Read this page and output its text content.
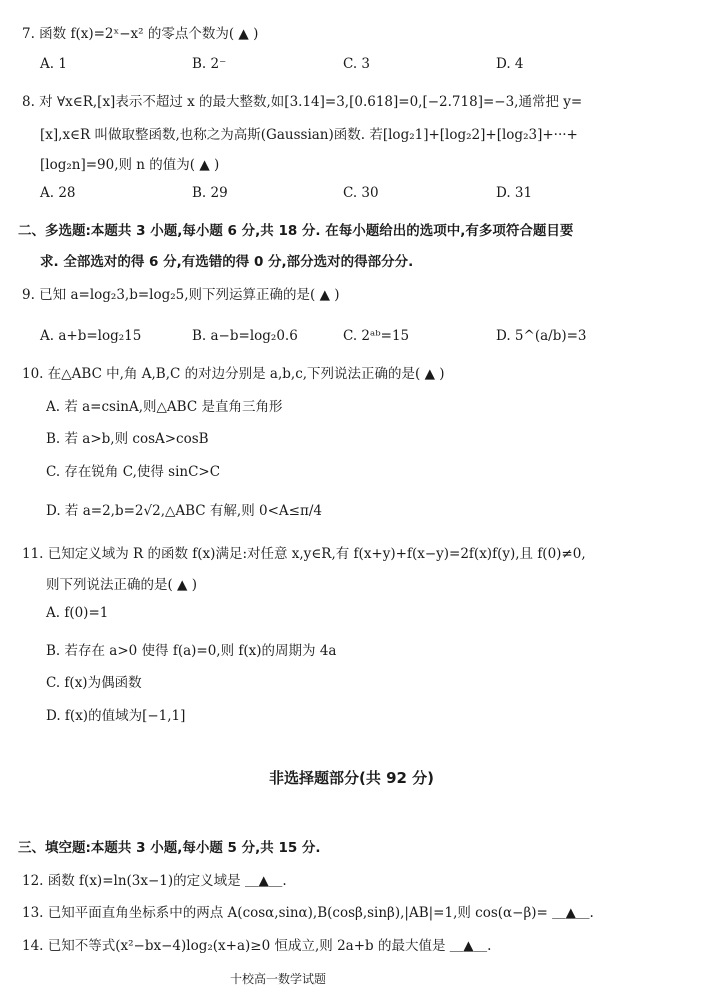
7. 函数 f(x)=2ˣ−x² 的零点个数为( ▲ )
A. 1	B. 2⁻	C. 3	D. 4
8. 对 ∀x∈R,[x]表示不超过 x 的最大整数,如[3.14]=3,[0.618]=0,[−2.718]=−3,通常把 y=
[x],x∈R 叫做取整函数,也称之为高斯(Gaussian)函数. 若[log₂1]+[log₂2]+[log₂3]+···+
[log₂n]=90,则 n 的值为( ▲ )
A. 28	B. 29	C. 30	D. 31
二、多选题:本题共 3 小题,每小题 6 分,共 18 分. 在每小题给出的选项中,有多项符合题目要
求. 全部选对的得 6 分,有选错的得 0 分,部分选对的得部分分.
9. 已知 a=log₂3,b=log₂5,则下列运算正确的是( ▲ )
A. a+b=log₂15	B. a−b=log₂0.6	C. 2ᵃᵇ=15	D. 5^(a/b)=3
10. 在△ABC 中,角 A,B,C 的对边分别是 a,b,c,下列说法正确的是( ▲ )
A. 若 a=csinA,则△ABC 是直角三角形
B. 若 a>b,则 cosA>cosB
C. 存在锐角 C,使得 sinC>C
D. 若 a=2,b=2√2,△ABC 有解,则 0<A≤π/4
11. 已知定义域为 R 的函数 f(x)满足:对任意 x,y∈R,有 f(x+y)+f(x−y)=2f(x)f(y),且 f(0)≠0,
则下列说法正确的是( ▲ )
A. f(0)=1
B. 若存在 a>0 使得 f(a)=0,则 f(x)的周期为 4a
C. f(x)为偶函数
D. f(x)的值域为[−1,1]
非选择题部分(共 92 分)
三、填空题:本题共 3 小题,每小题 5 分,共 15 分.
12. 函数 f(x)=ln(3x−1)的定义域是 ＿▲＿.
13. 已知平面直角坐标系中的两点 A(cosα,sinα),B(cosβ,sinβ),|AB|=1,则 cos(α−β)= ＿▲＿.
14. 已知不等式(x²−bx−4)log₂(x+a)≥0 恒成立,则 2a+b 的最大值是 ＿▲＿.
十校高一数学试题
